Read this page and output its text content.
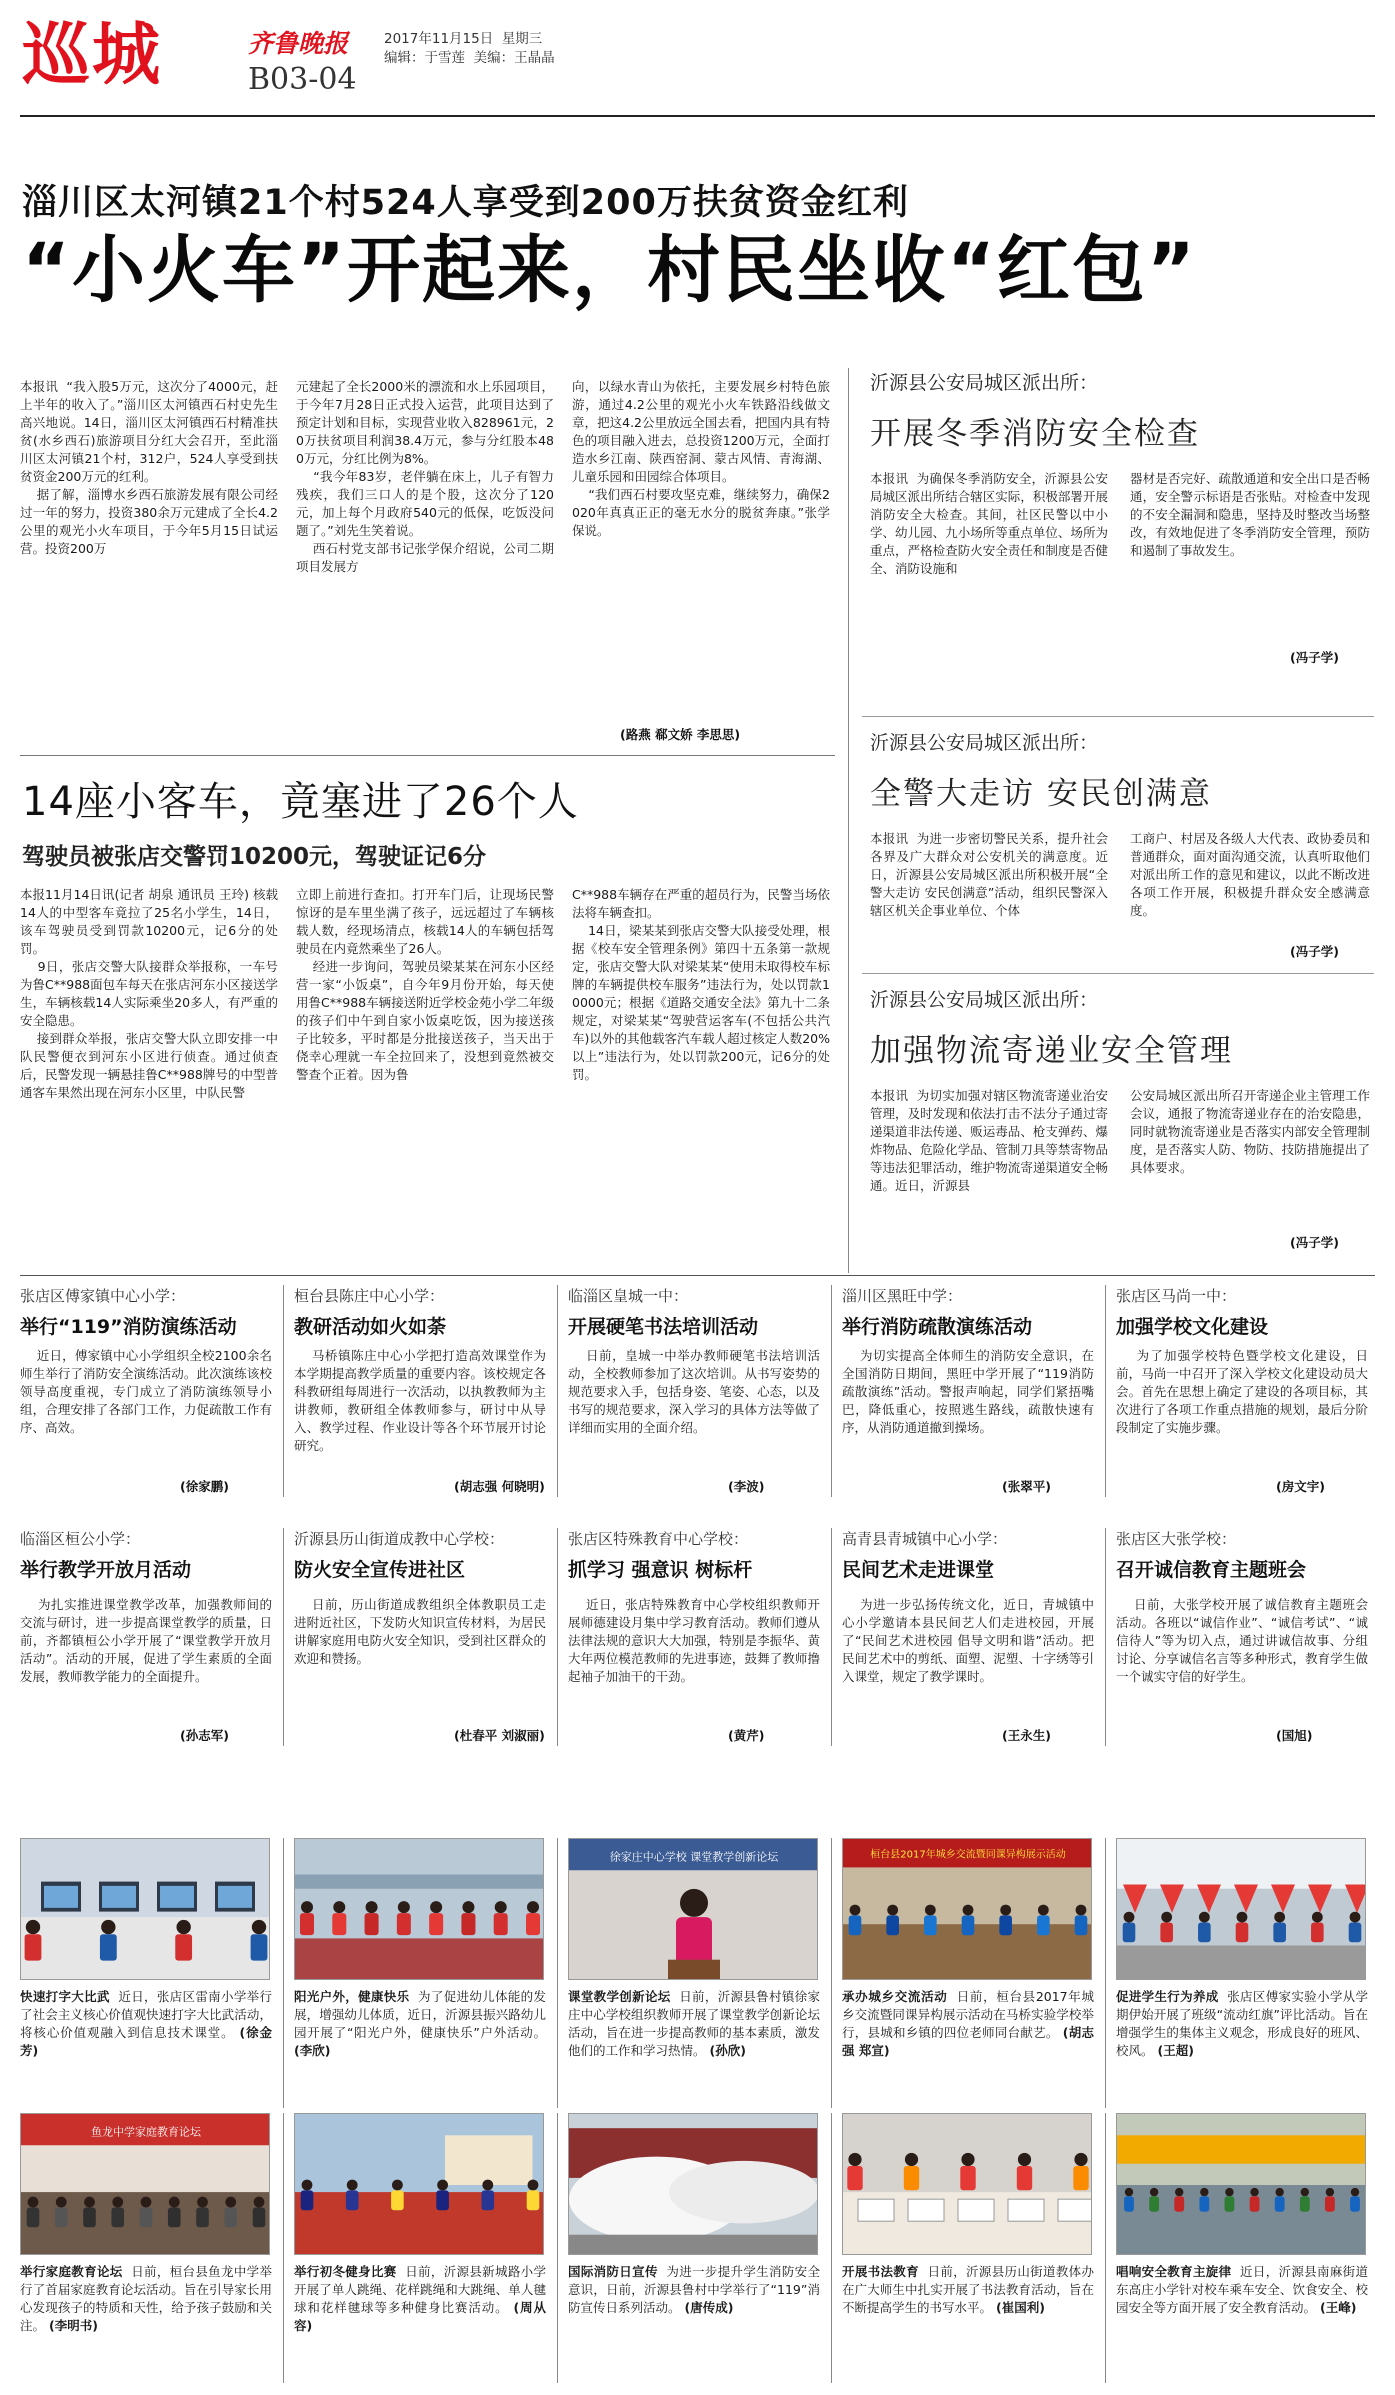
巡城	齐鲁晚报
B03-04
2017年11月15日 星期三
编辑：于雪莲 美编：王晶晶
淄川区太河镇21个村524人享受到200万扶贫资金红利
“小火车”开起来，村民坐收“红包”
本报讯  “我入股5万元，这次分了4000元，赶上半年的收入了。”淄川区太河镇西石村史先生高兴地说。14日，淄川区太河镇西石村精准扶贫(水乡西石)旅游项目分红大会召开，至此淄川区太河镇21个村，312户，524人享受到扶贫资金200万元的红利。
据了解，淄博水乡西石旅游发展有限公司经过一年的努力，投资380余万元建成了全长4.2公里的观光小火车项目，于今年5月15日试运营。投资200万
元建起了全长2000米的漂流和水上乐园项目，于今年7月28日正式投入运营，此项目达到了预定计划和目标，实现营业收入828961元，20万扶贫项目利润38.4万元，参与分红股本480万元，分红比例为8%。
“我今年83岁，老伴躺在床上，儿子有智力残疾，我们三口人的是个股，这次分了120元，加上每个月政府540元的低保，吃饭没问题了。”刘先生笑着说。
西石村党支部书记张学保介绍说，公司二期项目发展方
向，以绿水青山为依托，主要发展乡村特色旅游，通过4.2公里的观光小火车铁路沿线做文章，把这4.2公里放远全国去看，把国内具有特色的项目融入进去，总投资1200万元，全面打造水乡江南、陕西窑洞、蒙古风情、青海湖、儿童乐园和田园综合体项目。
“我们西石村要攻坚克难，继续努力，确保2020年真真正正的毫无水分的脱贫奔康。”张学保说。
(路燕 郗文娇 李思思)
14座小客车，竟塞进了26个人
驾驶员被张店交警罚10200元，驾驶证记6分
本报11月14日讯(记者 胡泉 通讯员 王玲) 核载14人的中型客车竟拉了25名小学生，14日，该车驾驶员受到罚款10200元，记6分的处罚。
9日，张店交警大队接群众举报称，一车号为鲁C**988面包车每天在张店河东小区接送学生，车辆核载14人实际乘坐20多人，有严重的安全隐患。
接到群众举报，张店交警大队立即安排一中队民警便衣到河东小区进行侦查。通过侦查后，民警发现一辆悬挂鲁C**988牌号的中型普通客车果然出现在河东小区里，中队民警
立即上前进行查扣。打开车门后，让现场民警惊讶的是车里坐满了孩子，远远超过了车辆核载人数，经现场清点，核载14人的车辆包括驾驶员在内竟然乘坐了26人。
经进一步询问，驾驶员梁某某在河东小区经营一家“小饭桌”，自今年9月份开始，每天使用鲁C**988车辆接送附近学校金苑小学二年级的孩子们中午到自家小饭桌吃饭，因为接送孩子比较多，平时都是分批接送孩子，当天出于侥幸心理就一车全拉回来了，没想到竟然被交警查个正着。因为鲁
C**988车辆存在严重的超员行为，民警当场依法将车辆查扣。
14日，梁某某到张店交警大队接受处理，根据《校车安全管理条例》第四十五条第一款规定，张店交警大队对梁某某“使用未取得校车标牌的车辆提供校车服务”违法行为，处以罚款10000元；根据《道路交通安全法》第九十二条规定，对梁某某“驾驶营运客车(不包括公共汽车)以外的其他载客汽车载人超过核定人数20%以上”违法行为，处以罚款200元，记6分的处罚。
沂源县公安局城区派出所：
开展冬季消防安全检查
本报讯  为确保冬季消防安全，沂源县公安局城区派出所结合辖区实际，积极部署开展消防安全大检查。其间，社区民警以中小学、幼儿园、九小场所等重点单位、场所为重点，严格检查防火安全责任和制度是否健全、消防设施和
器材是否完好、疏散通道和安全出口是否畅通，安全警示标语是否张贴。对检查中发现的不安全漏洞和隐患，坚持及时整改当场整改，有效地促进了冬季消防安全管理，预防和遏制了事故发生。
(冯子学)
沂源县公安局城区派出所：
全警大走访 安民创满意
本报讯  为进一步密切警民关系，提升社会各界及广大群众对公安机关的满意度。近日，沂源县公安局城区派出所积极开展“全警大走访 安民创满意”活动，组织民警深入辖区机关企事业单位、个体
工商户、村居及各级人大代表、政协委员和普通群众，面对面沟通交流，认真听取他们对派出所工作的意见和建议，以此不断改进各项工作开展，积极提升群众安全感满意度。
(冯子学)
沂源县公安局城区派出所：
加强物流寄递业安全管理
本报讯  为切实加强对辖区物流寄递业治安管理，及时发现和依法打击不法分子通过寄递渠道非法传递、贩运毒品、枪支弹药、爆炸物品、危险化学品、管制刀具等禁寄物品等违法犯罪活动，维护物流寄递渠道安全畅通。近日，沂源县
公安局城区派出所召开寄递企业主管理工作会议，通报了物流寄递业存在的治安隐患，同时就物流寄递业是否落实内部安全管理制度，是否落实人防、物防、技防措施提出了具体要求。
(冯子学)
张店区傅家镇中心小学：
举行“119”消防演练活动
近日，傅家镇中心小学组织全校2100余名师生举行了消防安全演练活动。此次演练该校领导高度重视，专门成立了消防演练领导小组，合理安排了各部门工作，力促疏散工作有序、高效。
(徐家鹏)
桓台县陈庄中心小学：
教研活动如火如荼
马桥镇陈庄中心小学把打造高效课堂作为本学期提高教学质量的重要内容。该校规定各科教研组每周进行一次活动，以执教教师为主讲教师，教研组全体教师参与，研讨中从导入、教学过程、作业设计等各个环节展开讨论研究。
(胡志强 何晓明)
临淄区皇城一中：
开展硬笔书法培训活动
日前，皇城一中举办教师硬笔书法培训活动，全校教师参加了这次培训。从书写姿势的规范要求入手，包括身姿、笔姿、心态，以及书写的规范要求，深入学习的具体方法等做了详细而实用的全面介绍。
(李波)
淄川区黑旺中学：
举行消防疏散演练活动
为切实提高全体师生的消防安全意识，在全国消防日期间，黑旺中学开展了“119消防疏散演练”活动。警报声响起，同学们紧捂嘴巴，降低重心，按照逃生路线，疏散快速有序，从消防通道撤到操场。
(张翠平)
张店区马尚一中：
加强学校文化建设
为了加强学校特色暨学校文化建设，日前，马尚一中召开了深入学校文化建设动员大会。首先在思想上确定了建设的各项目标，其次进行了各项工作重点措施的规划，最后分阶段制定了实施步骤。
(房文宇)
临淄区桓公小学：
举行教学开放月活动
为扎实推进课堂教学改革，加强教师间的交流与研讨，进一步提高课堂教学的质量，日前，齐都镇桓公小学开展了“课堂教学开放月活动”。活动的开展，促进了学生素质的全面发展，教师教学能力的全面提升。
(孙志军)
沂源县历山街道成教中心学校：
防火安全宣传进社区
日前，历山街道成教组织全体教职员工走进附近社区，下发防火知识宣传材料，为居民讲解家庭用电防火安全知识，受到社区群众的欢迎和赞扬。
(杜春平 刘淑丽)
张店区特殊教育中心学校：
抓学习 强意识 树标杆
近日，张店特殊教育中心学校组织教师开展师德建设月集中学习教育活动。教师们遵从法律法规的意识大大加强，特别是李振华、黄大年两位模范教师的先进事迹，鼓舞了教师撸起袖子加油干的干劲。
(黄芹)
高青县青城镇中心小学：
民间艺术走进课堂
为进一步弘扬传统文化，近日，青城镇中心小学邀请本县民间艺人们走进校园，开展了“民间艺术进校园 倡导文明和谐”活动。把民间艺术中的剪纸、面塑、泥塑、十字绣等引入课堂，规定了教学课时。
(王永生)
张店区大张学校：
召开诚信教育主题班会
日前，大张学校开展了诚信教育主题班会活动。各班以“诚信作业”、“诚信考试”、“诚信待人”等为切入点，通过讲诚信故事、分组讨论、分享诚信名言等多种形式，教育学生做一个诚实守信的好学生。
(国旭)
快速打字大比武  近日，张店区雷南小学举行了社会主义核心价值观快速打字大比武活动，将核心价值观融入到信息技术课堂。 (徐金芳)
阳光户外，健康快乐  为了促进幼儿体能的发展，增强幼儿体质，近日，沂源县振兴路幼儿园开展了“阳光户外，健康快乐”户外活动。 (李欣)
徐家庄中心学校 课堂教学创新论坛
课堂教学创新论坛  日前，沂源县鲁村镇徐家庄中心学校组织教师开展了课堂教学创新论坛活动，旨在进一步提高教师的基本素质，激发他们的工作和学习热情。 (孙欣)
桓台县2017年城乡交流暨同课异构展示活动
承办城乡交流活动  日前，桓台县2017年城乡交流暨同课异构展示活动在马桥实验学校举行，县城和乡镇的四位老师同台献艺。 (胡志强 郑宣)
促进学生行为养成  张店区傅家实验小学从学期伊始开展了班级“流动红旗”评比活动。旨在增强学生的集体主义观念，形成良好的班风、校风。 (王超)
鱼龙中学家庭教育论坛
举行家庭教育论坛  日前，桓台县鱼龙中学举行了首届家庭教育论坛活动。旨在引导家长用心发现孩子的特质和天性，给予孩子鼓励和关注。 (李明书)
举行初冬健身比赛  日前，沂源县新城路小学开展了单人跳绳、花样跳绳和大跳绳、单人毽球和花样毽球等多种健身比赛活动。 (周从容)
国际消防日宣传  为进一步提升学生消防安全意识，日前，沂源县鲁村中学举行了“119”消防宣传日系列活动。 (唐传成)
开展书法教育  日前，沂源县历山街道教体办在广大师生中扎实开展了书法教育活动，旨在不断提高学生的书写水平。 (崔国利)
唱响安全教育主旋律  近日，沂源县南麻街道东高庄小学针对校车乘车安全、饮食安全、校园安全等方面开展了安全教育活动。 (王峰)
